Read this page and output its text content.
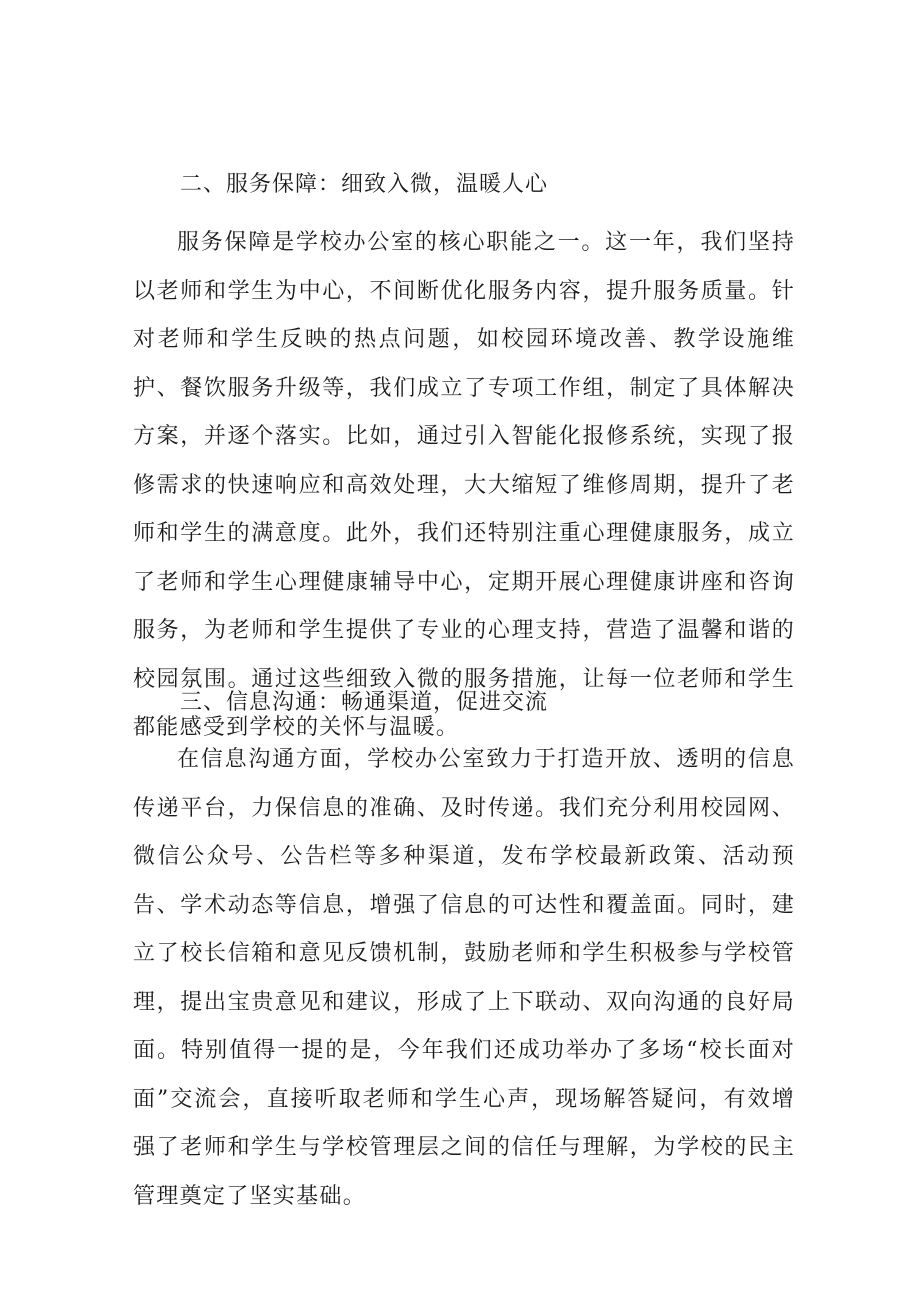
二、服务保障：细致入微，温暖人心

服务保障是学校办公室的核心职能之一。这一年，我们坚持以老师和学生为中心，不间断优化服务内容，提升服务质量。针对老师和学生反映的热点问题，如校园环境改善、教学设施维护、餐饮服务升级等，我们成立了专项工作组，制定了具体解决方案，并逐个落实。比如，通过引入智能化报修系统，实现了报修需求的快速响应和高效处理，大大缩短了维修周期，提升了老师和学生的满意度。此外，我们还特别注重心理健康服务，成立了老师和学生心理健康辅导中心，定期开展心理健康讲座和咨询服务，为老师和学生提供了专业的心理支持，营造了温馨和谐的校园氛围。通过这些细致入微的服务措施，让每一位老师和学生都能感受到学校的关怀与温暖。

三、信息沟通：畅通渠道，促进交流

在信息沟通方面，学校办公室致力于打造开放、透明的信息传递平台，力保信息的准确、及时传递。我们充分利用校园网、微信公众号、公告栏等多种渠道，发布学校最新政策、活动预告、学术动态等信息，增强了信息的可达性和覆盖面。同时，建立了校长信箱和意见反馈机制，鼓励老师和学生积极参与学校管理，提出宝贵意见和建议，形成了上下联动、双向沟通的良好局面。特别值得一提的是，今年我们还成功举办了多场“校长面对面”交流会，直接听取老师和学生心声，现场解答疑问，有效增强了老师和学生与学校管理层之间的信任与理解，为学校的民主管理奠定了坚实基础。
